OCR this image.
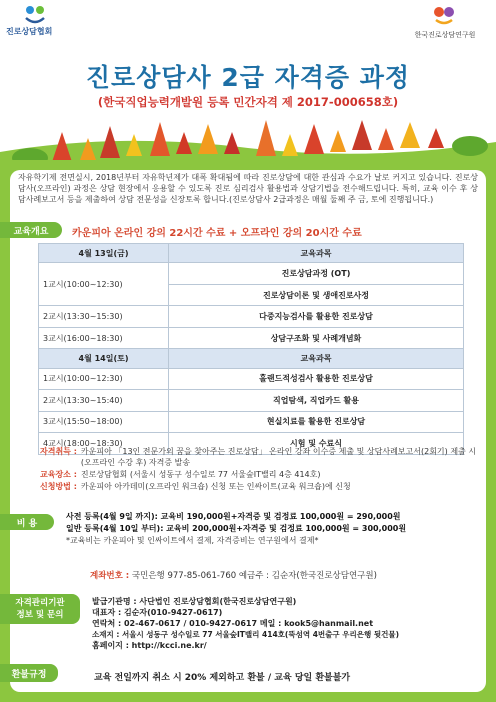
진로상담협회	한국진로상담연구원
진로상담사 2급 자격증 과정
(한국직업능력개발원 등록 민간자격 제 2017-000658호)

자유학기제 전면실시, 2018년부터 자유학년제가 대폭 확대됨에 따라 진로상담에 대한 관심과 수요가 날로 커지고 있습니다. 진로상담사(오프라인) 과정은 상담 현장에서 응용할 수 있도록 진로 심리검사 활용법과 상담기법을 전수해드립니다. 특히, 교육 이수 후 상담사례보고서 등을 제출하여 상담 전문성을 신장토록 합니다.(진로상담사 2급과정은 매월 둘째 주 금, 토에 진행됩니다.)

교육개요	카운피아 온라인 강의 22시간 수료 + 오프라인 강의 20시간 수료
4월 13일(금)	교육과목
1교시(10:00~12:30)	진로상담과정 (OT)
	진로상담이론 및 생애진로사정
2교시(13:30~15:30)	다중지능검사를 활용한 진로상담
3교시(16:00~18:30)	상담구조화 및 사례개념화
4월 14일(토)	교육과목
1교시(10:00~12:30)	홀랜드적성검사 활용한 진로상담
2교시(13:30~15:40)	직업탐색, 직업카드 활용
3교시(15:50~18:00)	현실치료를 활용한 진로상담
4교시(18:00~18:30)	시험 및 수료식
자격취득 : 카운피아 「13인 전문가의 꿈을 찾아주는 진로상담」 온라인 강좌 이수증 제출 및 상담사례보고서(2회기) 제출 시(오프라인 수강 후) 자격증 발송
교육장소 : 진로상담협회 (서울시 성동구 성수일로 77 서울숲IT밸리 4층 414호)
신청방법 : 카운피아 아카데미(오프라인 워크숍) 신청 또는 인싸이트(교육 워크숍)에 신청
비 용
사전 등록(4월 9일 까지): 교육비 190,000원+자격증 및 검정료 100,000원 = 290,000원
일반 등록(4월 10일 부터): 교육비 200,000원+자격증 및 검정료 100,000원 = 300,000원
*교육비는 카운피아 및 인싸이트에서 결제, 자격증비는 연구원에서 결제*
계좌번호 : 국민은행 977-85-061-760 예금주 : 김순자(한국진로상담연구원)
자격관리기관
정보 및 문의
발급기관명 : 사단법인 진로상담협회(한국진로상담연구원)
대표자 : 김순자(010-9427-0617)
연락처 : 02-467-0617 / 010-9427-0617 메일 : kook5@hanmail.net
소재지 : 서울시 성동구 성수일로 77 서울숲IT밸리 414호(뚝섬역 4번출구 우리은행 뒷건물)
홈페이지 : http://kcci.ne.kr/
환불규정	교육 전일까지 취소 시 20% 제외하고 환불 / 교육 당일 환불불가
